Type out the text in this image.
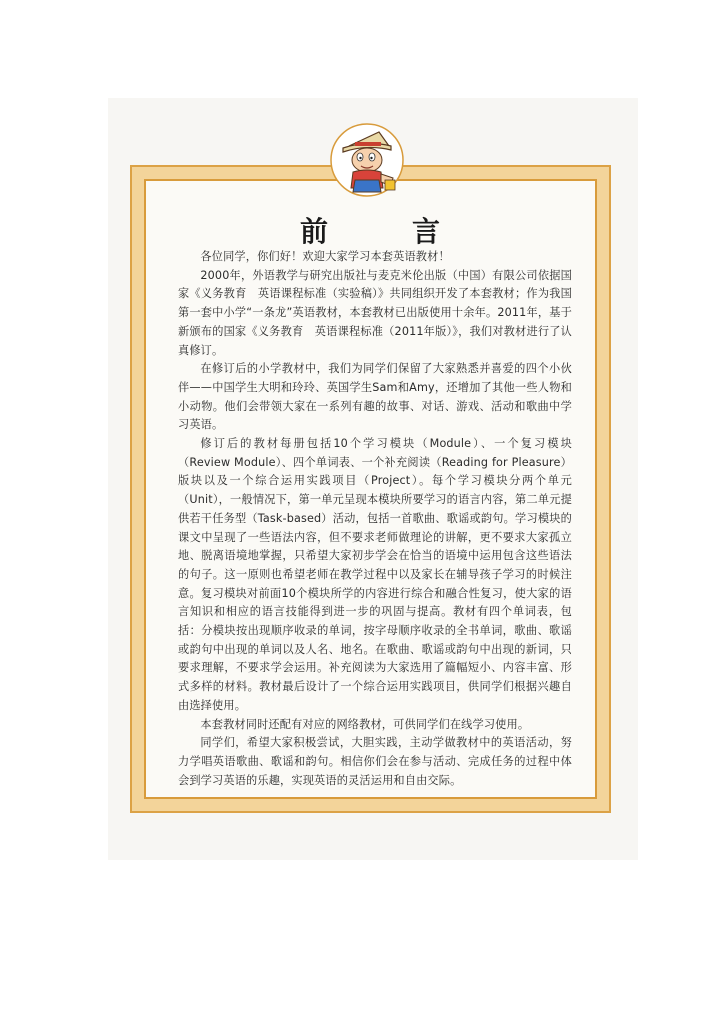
前	言

各位同学，你们好！欢迎大家学习本套英语教材！

2000年，外语教学与研究出版社与麦克米伦出版（中国）有限公司依据国家《义务教育　英语课程标准（实验稿）》共同组织开发了本套教材；作为我国第一套中小学“一条龙”英语教材，本套教材已出版使用十余年。2011年，基于新颁布的国家《义务教育　英语课程标准（2011年版）》，我们对教材进行了认真修订。

在修订后的小学教材中，我们为同学们保留了大家熟悉并喜爱的四个小伙伴——中国学生大明和玲玲、英国学生Sam和Amy，还增加了其他一些人物和小动物。他们会带领大家在一系列有趣的故事、对话、游戏、活动和歌曲中学习英语。

修订后的教材每册包括10个学习模块（Module）、一个复习模块（Review Module）、四个单词表、一个补充阅读（Reading for Pleasure）版块以及一个综合运用实践项目（Project）。每个学习模块分两个单元（Unit），一般情况下，第一单元呈现本模块所要学习的语言内容，第二单元提供若干任务型（Task-based）活动，包括一首歌曲、歌谣或韵句。学习模块的课文中呈现了一些语法内容，但不要求老师做理论的讲解，更不要求大家孤立地、脱离语境地掌握，只希望大家初步学会在恰当的语境中运用包含这些语法的句子。这一原则也希望老师在教学过程中以及家长在辅导孩子学习的时候注意。复习模块对前面10个模块所学的内容进行综合和融合性复习，使大家的语言知识和相应的语言技能得到进一步的巩固与提高。教材有四个单词表，包括：分模块按出现顺序收录的单词，按字母顺序收录的全书单词，歌曲、歌谣或韵句中出现的单词以及人名、地名。在歌曲、歌谣或韵句中出现的新词，只要求理解，不要求学会运用。补充阅读为大家选用了篇幅短小、内容丰富、形式多样的材料。教材最后设计了一个综合运用实践项目，供同学们根据兴趣自由选择使用。

本套教材同时还配有对应的网络教材，可供同学们在线学习使用。

同学们，希望大家积极尝试，大胆实践，主动学做教材中的英语活动，努力学唱英语歌曲、歌谣和韵句。相信你们会在参与活动、完成任务的过程中体会到学习英语的乐趣，实现英语的灵活运用和自由交际。
